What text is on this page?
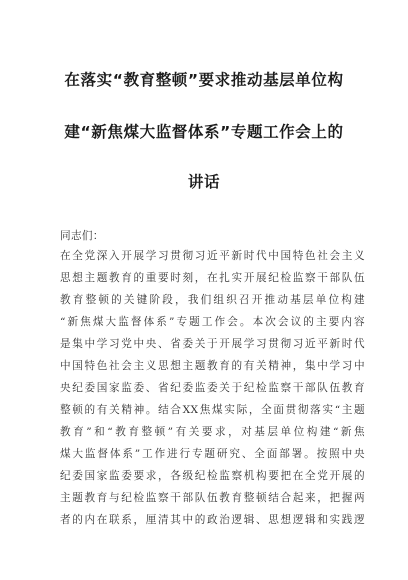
在落实“教育整顿”要求推动基层单位构
建“新焦煤大监督体系”专题工作会上的
讲话
同志们：
在全党深入开展学习贯彻习近平新时代中国特色社会主义
思想主题教育的重要时刻，在扎实开展纪检监察干部队伍
教育整顿的关键阶段，我们组织召开推动基层单位构建
“新焦煤大监督体系”专题工作会。本次会议的主要内容
是集中学习党中央、省委关于开展学习贯彻习近平新时代
中国特色社会主义思想主题教育的有关精神，集中学习中
央纪委国家监委、省纪委监委关于纪检监察干部队伍教育
整顿的有关精神。结合XX焦煤实际，全面贯彻落实“主题
教育”和“教育整顿”有关要求，对基层单位构建“新焦
煤大监督体系”工作进行专题研究、全面部署。按照中央
纪委国家监委要求，各级纪检监察机构要把在全党开展的
主题教育与纪检监察干部队伍教育整顿结合起来，把握两
者的内在联系，厘清其中的政治逻辑、思想逻辑和实践逻
